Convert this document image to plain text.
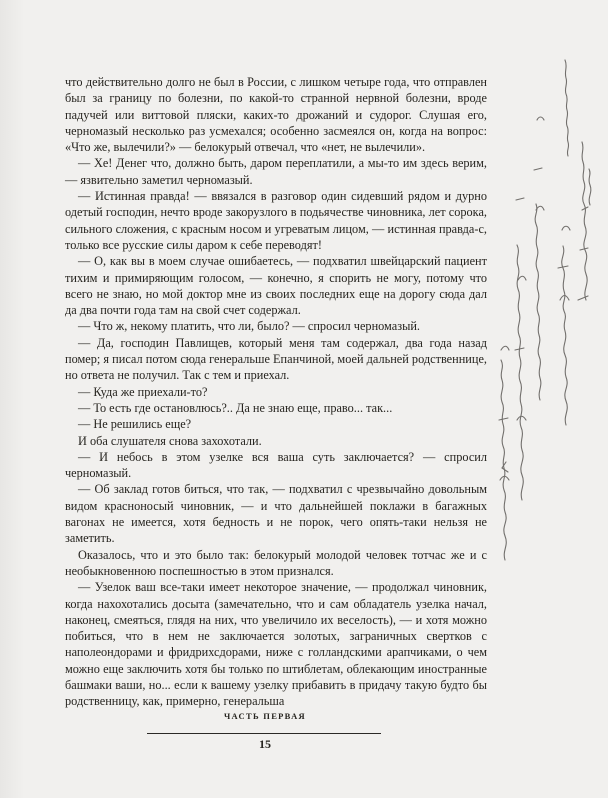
что действительно долго не был в России, с лишком четыре года, что отправлен был за границу по болезни, по какой-то странной нервной болезни, вроде падучей или виттовой пляски, каких-то дрожаний и судорог. Слушая его, черномазый несколько раз усмехался; особенно засмеялся он, когда на вопрос: «Что же, вылечили?» — белокурый отвечал, что «нет, не вылечили».

— Хе! Денег что, должно быть, даром переплатили, а мы-то им здесь верим, — язвительно заметил черномазый.

— Истинная правда! — ввязался в разговор один сидевший рядом и дурно одетый господин, нечто вроде закорузлого в подьячестве чиновника, лет сорока, сильного сложения, с красным носом и угреватым лицом, — истинная правда-с, только все русские силы даром к себе переводят!

— О, как вы в моем случае ошибаетесь, — подхватил швейцарский пациент тихим и примиряющим голосом, — конечно, я спорить не могу, потому что всего не знаю, но мой доктор мне из своих последних еще на дорогу сюда дал да два почти года там на свой счет содержал.

— Что ж, некому платить, что ли, было? — спросил черномазый.

— Да, господин Павлищев, который меня там содержал, два года назад помер; я писал потом сюда генеральше Епанчиной, моей дальней родственнице, но ответа не получил. Так с тем и приехал.

— Куда же приехали-то?

— То есть где остановлюсь?.. Да не знаю еще, право... так...

— Не решились еще?

И оба слушателя снова захохотали.

— И небось в этом узелке вся ваша суть заключается? — спросил черномазый.

— Об заклад готов биться, что так, — подхватил с чрезвычайно довольным видом красноносый чиновник, — и что дальнейшей поклажи в багажных вагонах не имеется, хотя бедность и не порок, чего опять-таки нельзя не заметить.

Оказалось, что и это было так: белокурый молодой человек тотчас же и с необыкновенною поспешностью в этом признался.

— Узелок ваш все-таки имеет некоторое значение, — продолжал чиновник, когда нахохотались досыта (замечательно, что и сам обладатель узелка начал, наконец, смеяться, глядя на них, что увеличило их веселость), — и хотя можно побиться, что в нем не заключается золотых, заграничных свертков с наполеондорами и фридрихсдорами, ниже с голландскими арапчиками, о чем можно еще заключить хотя бы только по штиблетам, облекающим иностранные башмаки ваши, но... если к вашему узелку прибавить в придачу такую будто бы родственницу, как, примерно, генеральша

ЧАСТЬ ПЕРВАЯ
15
